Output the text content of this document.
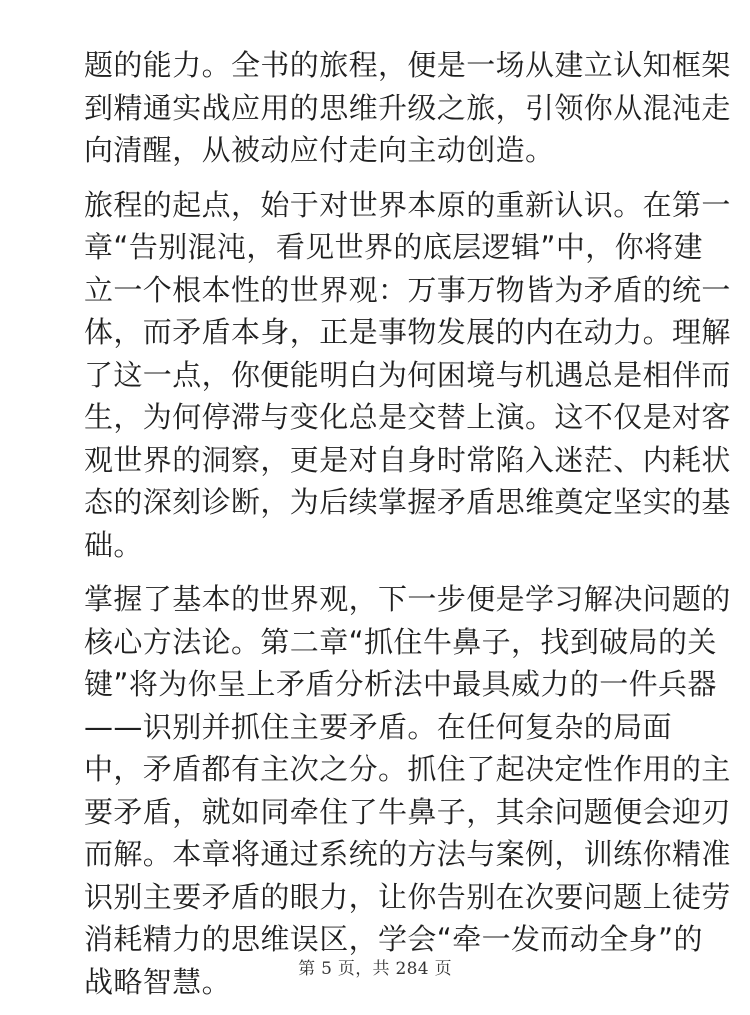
题的能力。全书的旅程，便是一场从建立认知框架
到精通实战应用的思维升级之旅，引领你从混沌走
向清醒，从被动应付走向主动创造。
旅程的起点，始于对世界本原的重新认识。在第一
章“告别混沌，看见世界的底层逻辑”中，你将建
立一个根本性的世界观：万事万物皆为矛盾的统一
体，而矛盾本身，正是事物发展的内在动力。理解
了这一点，你便能明白为何困境与机遇总是相伴而
生，为何停滞与变化总是交替上演。这不仅是对客
观世界的洞察，更是对自身时常陷入迷茫、内耗状
态的深刻诊断，为后续掌握矛盾思维奠定坚实的基
础。
掌握了基本的世界观，下一步便是学习解决问题的
核心方法论。第二章“抓住牛鼻子，找到破局的关
键”将为你呈上矛盾分析法中最具威力的一件兵器
——识别并抓住主要矛盾。在任何复杂的局面
中，矛盾都有主次之分。抓住了起决定性作用的主
要矛盾，就如同牵住了牛鼻子，其余问题便会迎刃
而解。本章将通过系统的方法与案例，训练你精准
识别主要矛盾的眼力，让你告别在次要问题上徒劳
消耗精力的思维误区，学会“牵一发而动全身”的
战略智慧。	第 5 页，共 284 页
